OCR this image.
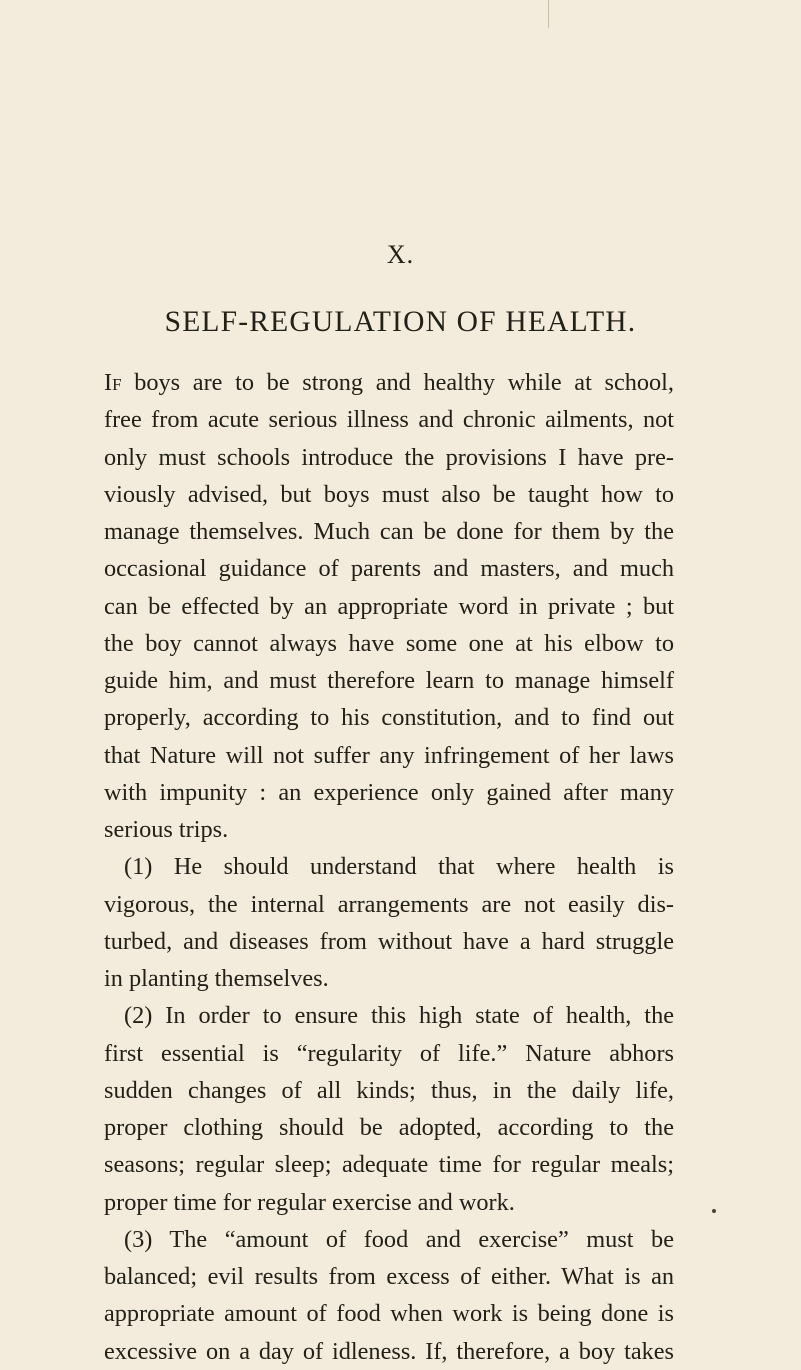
X.
SELF-REGULATION OF HEALTH.
If boys are to be strong and healthy while at school,
free from acute serious illness and chronic ailments, not
only must schools introduce the provisions I have pre-
viously advised, but boys must also be taught how to
manage themselves. Much can be done for them by the
occasional guidance of parents and masters, and much
can be effected by an appropriate word in private ; but
the boy cannot always have some one at his elbow to
guide him, and must therefore learn to manage himself
properly, according to his constitution, and to find out
that Nature will not suffer any infringement of her laws
with impunity : an experience only gained after many
serious trips.
(1) He should understand that where health is
vigorous, the internal arrangements are not easily dis-
turbed, and diseases from without have a hard struggle
in planting themselves.
(2) In order to ensure this high state of health, the
first essential is “regularity of life.” Nature abhors
sudden changes of all kinds; thus, in the daily life,
proper clothing should be adopted, according to the
seasons; regular sleep; adequate time for regular meals;
proper time for regular exercise and work.
(3) The “amount of food and exercise” must be
balanced; evil results from excess of either. What is an
appropriate amount of food when work is being done is
excessive on a day of idleness. If, therefore, a boy takes
